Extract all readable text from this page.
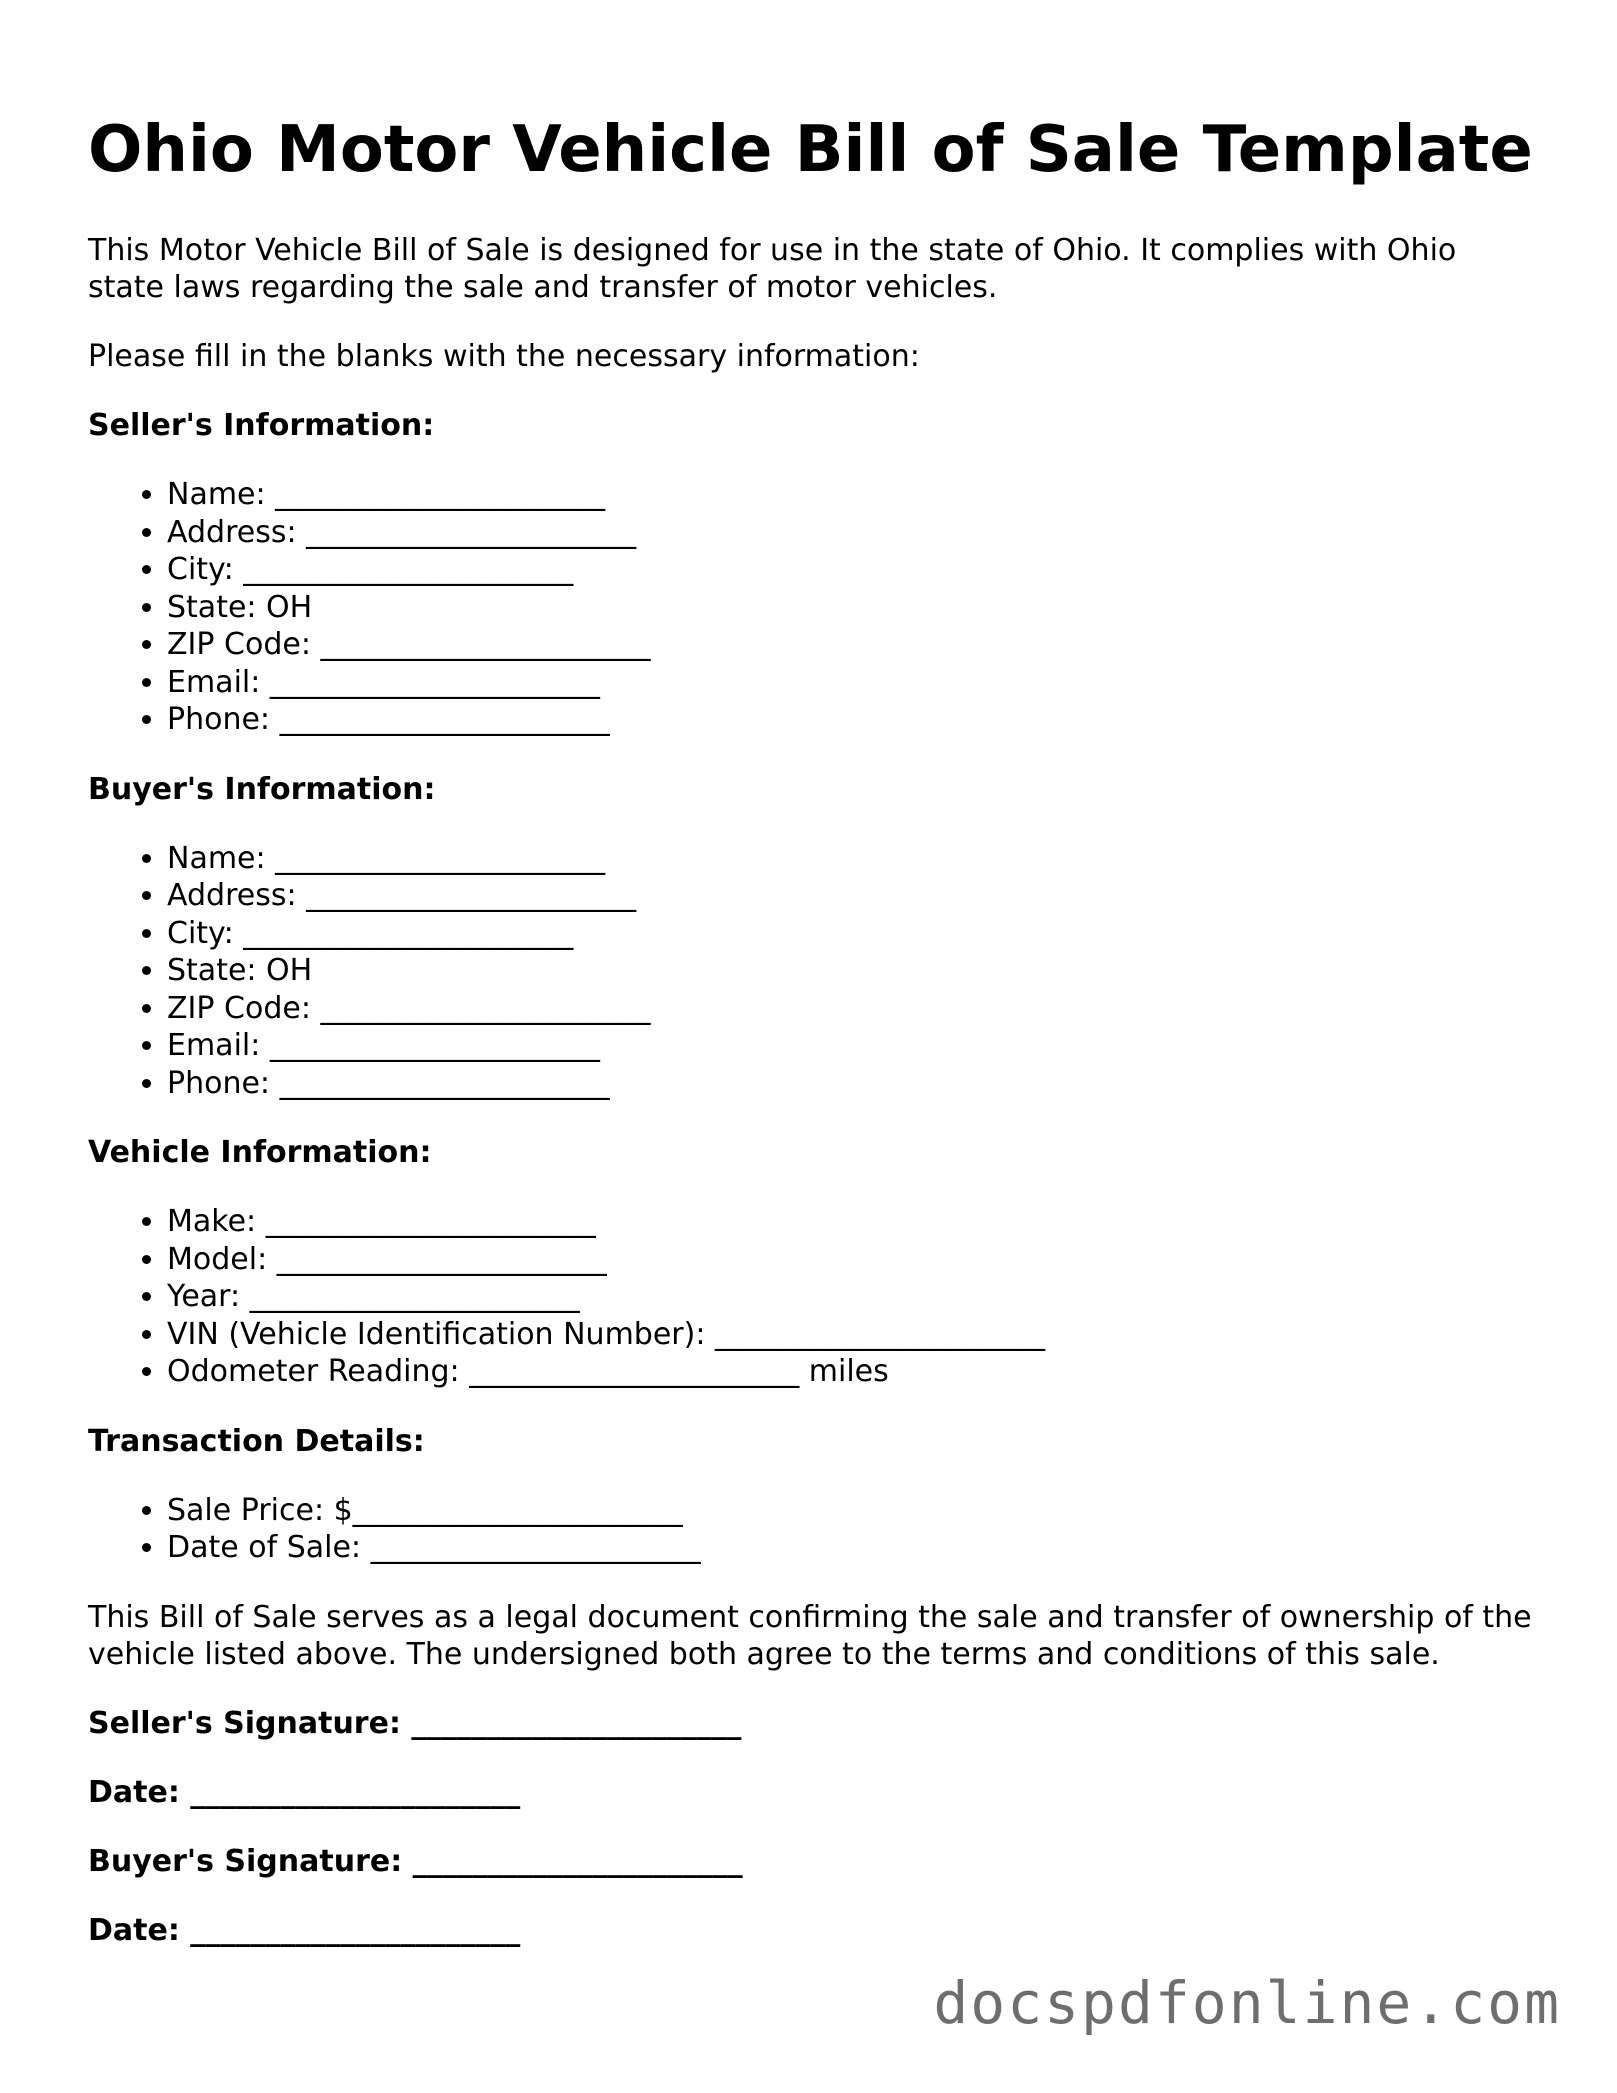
Ohio Motor Vehicle Bill of Sale Template

This Motor Vehicle Bill of Sale is designed for use in the state of Ohio. It complies with Ohio state laws regarding the sale and transfer of motor vehicles.

Please fill in the blanks with the necessary information:

Seller's Information:
• Name: ______________________
• Address: ______________________
• City: ______________________
• State: OH
• ZIP Code: ______________________
• Email: ______________________
• Phone: ______________________
Buyer's Information:
• Name: ______________________
• Address: ______________________
• City: ______________________
• State: OH
• ZIP Code: ______________________
• Email: ______________________
• Phone: ______________________
Vehicle Information:
• Make: ______________________
• Model: ______________________
• Year: ______________________
• VIN (Vehicle Identification Number): ______________________
• Odometer Reading: ______________________ miles
Transaction Details:
• Sale Price: $______________________
• Date of Sale: ______________________

This Bill of Sale serves as a legal document confirming the sale and transfer of ownership of the vehicle listed above. The undersigned both agree to the terms and conditions of this sale.

Seller's Signature: ______________________
Date: ______________________
Buyer's Signature: ______________________
Date: ______________________
docspdfonline.com
